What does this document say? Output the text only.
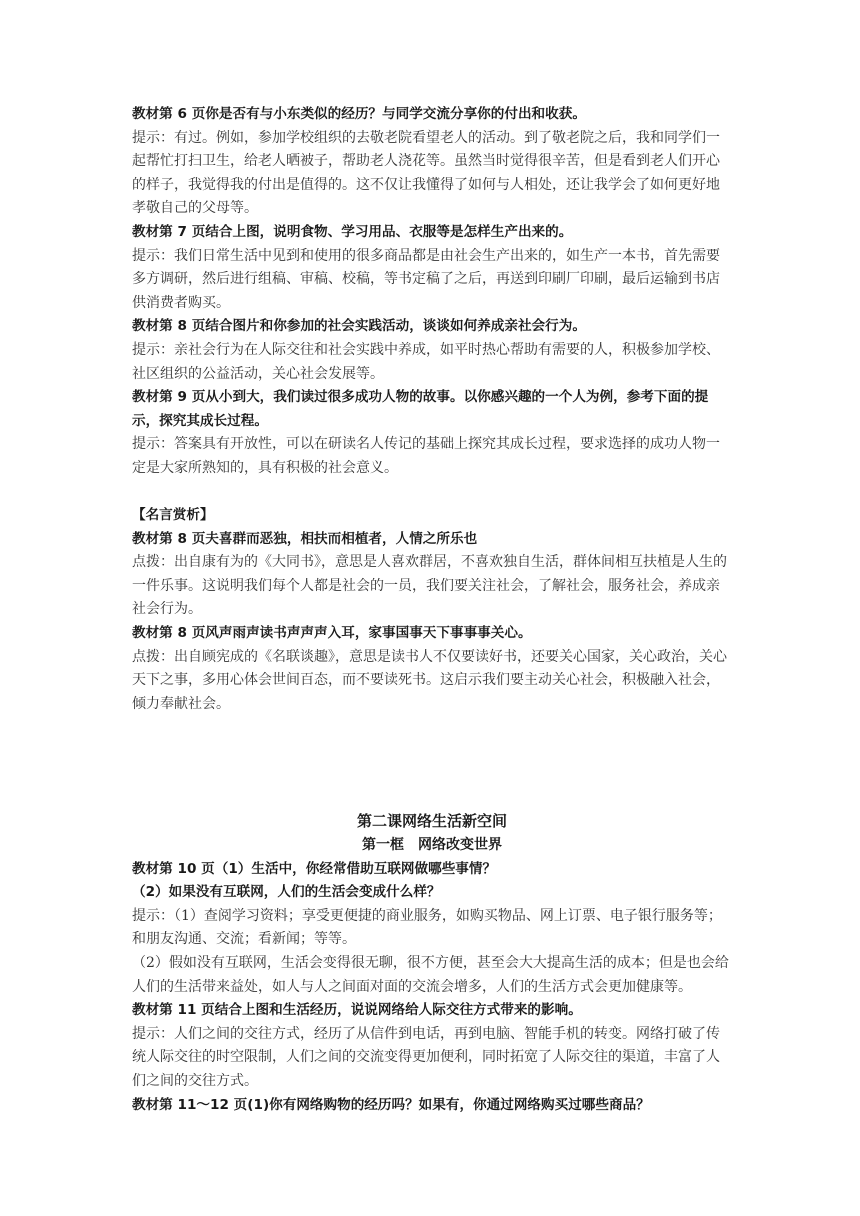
教材第 6 页你是否有与小东类似的经历？与同学交流分享你的付出和收获。

提示：有过。例如，参加学校组织的去敬老院看望老人的活动。到了敬老院之后，我和同学们一起帮忙打扫卫生，给老人晒被子，帮助老人浇花等。虽然当时觉得很辛苦，但是看到老人们开心的样子，我觉得我的付出是值得的。这不仅让我懂得了如何与人相处，还让我学会了如何更好地孝敬自己的父母等。

教材第 7 页结合上图，说明食物、学习用品、衣服等是怎样生产出来的。

提示：我们日常生活中见到和使用的很多商品都是由社会生产出来的，如生产一本书，首先需要多方调研，然后进行组稿、审稿、校稿，等书定稿了之后，再送到印刷厂印刷，最后运输到书店供消费者购买。

教材第 8 页结合图片和你参加的社会实践活动，谈谈如何养成亲社会行为。

提示：亲社会行为在人际交往和社会实践中养成，如平时热心帮助有需要的人，积极参加学校、社区组织的公益活动，关心社会发展等。

教材第 9 页从小到大，我们读过很多成功人物的故事。以你感兴趣的一个人为例，参考下面的提示，探究其成长过程。

提示：答案具有开放性，可以在研读名人传记的基础上探究其成长过程，要求选择的成功人物一定是大家所熟知的，具有积极的社会意义。

【名言赏析】

教材第 8 页夫喜群而恶独，相扶而相植者，人情之所乐也

点拨：出自康有为的《大同书》，意思是人喜欢群居，不喜欢独自生活，群体间相互扶植是人生的一件乐事。这说明我们每个人都是社会的一员，我们要关注社会，了解社会，服务社会，养成亲社会行为。

教材第 8 页风声雨声读书声声声入耳，家事国事天下事事事关心。

点拨：出自顾宪成的《名联谈趣》，意思是读书人不仅要读好书，还要关心国家，关心政治，关心天下之事，多用心体会世间百态，而不要读死书。这启示我们要主动关心社会，积极融入社会，倾力奉献社会。

第二课网络生活新空间

第一框　网络改变世界

教材第 10 页（1）生活中，你经常借助互联网做哪些事情？

（2）如果没有互联网，人们的生活会变成什么样？

提示：（1）查阅学习资料；享受更便捷的商业服务，如购买物品、网上订票、电子银行服务等；和朋友沟通、交流；看新闻；等等。

（2）假如没有互联网，生活会变得很无聊，很不方便，甚至会大大提高生活的成本；但是也会给人们的生活带来益处，如人与人之间面对面的交流会增多，人们的生活方式会更加健康等。

教材第 11 页结合上图和生活经历，说说网络给人际交往方式带来的影响。

提示：人们之间的交往方式，经历了从信件到电话，再到电脑、智能手机的转变。网络打破了传统人际交往的时空限制，人们之间的交流变得更加便利，同时拓宽了人际交往的渠道，丰富了人们之间的交往方式。

教材第 11～12 页(1)你有网络购物的经历吗？如果有，你通过网络购买过哪些商品？
